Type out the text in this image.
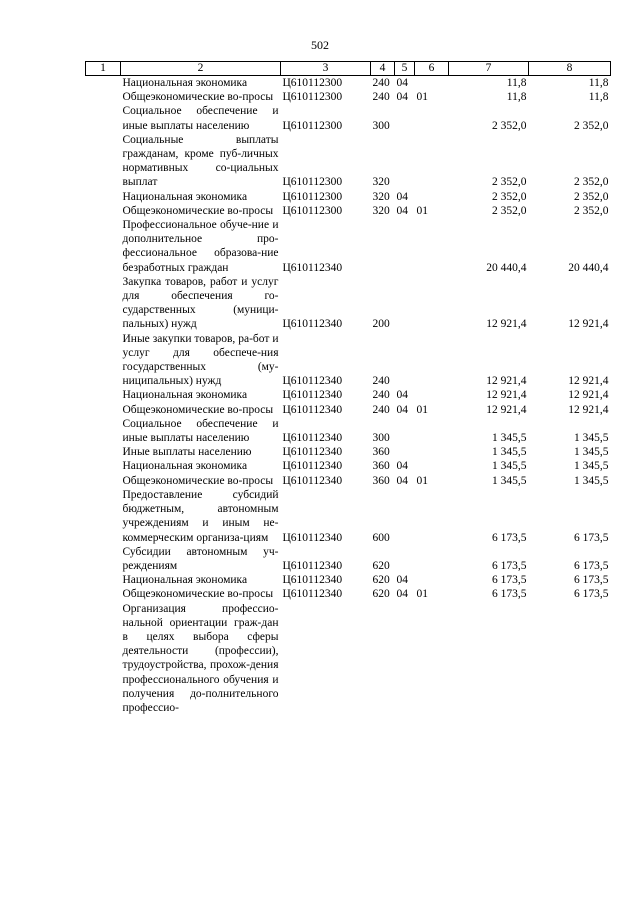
502
1	2	3	4	5	6	7	8
	Национальная экономика	Ц610112300	240	04		11,8	11,8
	Общеэкономические во-просы	Ц610112300	240	04	01	11,8	11,8
	Социальное обеспечение и иные выплаты населению	Ц610112300	300			2 352,0	2 352,0
	Социальные выплаты гражданам, кроме пуб-личных нормативных со-циальных выплат	Ц610112300	320			2 352,0	2 352,0
	Национальная экономика	Ц610112300	320	04		2 352,0	2 352,0
	Общеэкономические во-просы	Ц610112300	320	04	01	2 352,0	2 352,0
	Профессиональное обуче-ние и дополнительное про-фессиональное образова-ние безработных граждан	Ц610112340				20 440,4	20 440,4
	Закупка товаров, работ и услуг для обеспечения го-сударственных (муници-пальных) нужд	Ц610112340	200			12 921,4	12 921,4
	Иные закупки товаров, ра-бот и услуг для обеспече-ния государственных (му-ниципальных) нужд	Ц610112340	240			12 921,4	12 921,4
	Национальная экономика	Ц610112340	240	04		12 921,4	12 921,4
	Общеэкономические во-просы	Ц610112340	240	04	01	12 921,4	12 921,4
	Социальное обеспечение и иные выплаты населению	Ц610112340	300			1 345,5	1 345,5
	Иные выплаты населению	Ц610112340	360			1 345,5	1 345,5
	Национальная экономика	Ц610112340	360	04		1 345,5	1 345,5
	Общеэкономические во-просы	Ц610112340	360	04	01	1 345,5	1 345,5
	Предоставление субсидий бюджетным, автономным учреждениям и иным не-коммерческим организа-циям	Ц610112340	600			6 173,5	6 173,5
	Субсидии автономным уч-реждениям	Ц610112340	620			6 173,5	6 173,5
	Национальная экономика	Ц610112340	620	04		6 173,5	6 173,5
	Общеэкономические во-просы	Ц610112340	620	04	01	6 173,5	6 173,5
	Организация профессио-нальной ориентации граж-дан в целях выбора сферы деятельности (профессии), трудоустройства, прохож-дения профессионального обучения и получения до-полнительного профессио-						
